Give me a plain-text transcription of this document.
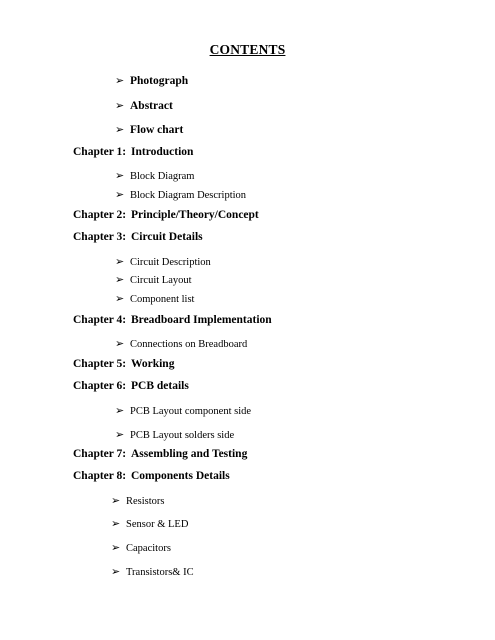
CONTENTS
➢ Photograph
➢ Abstract
➢ Flow chart
Chapter 1: Introduction
➢ Block Diagram
➢ Block Diagram Description
Chapter 2: Principle/Theory/Concept
Chapter 3: Circuit Details
➢ Circuit Description
➢ Circuit Layout
➢ Component list
Chapter 4: Breadboard Implementation
➢ Connections on Breadboard
Chapter 5: Working
Chapter 6: PCB details
➢ PCB Layout component side
➢ PCB Layout solders side
Chapter 7: Assembling and Testing
Chapter 8: Components Details
➢ Resistors
➢ Sensor & LED
➢ Capacitors
➢ Transistors& IC
